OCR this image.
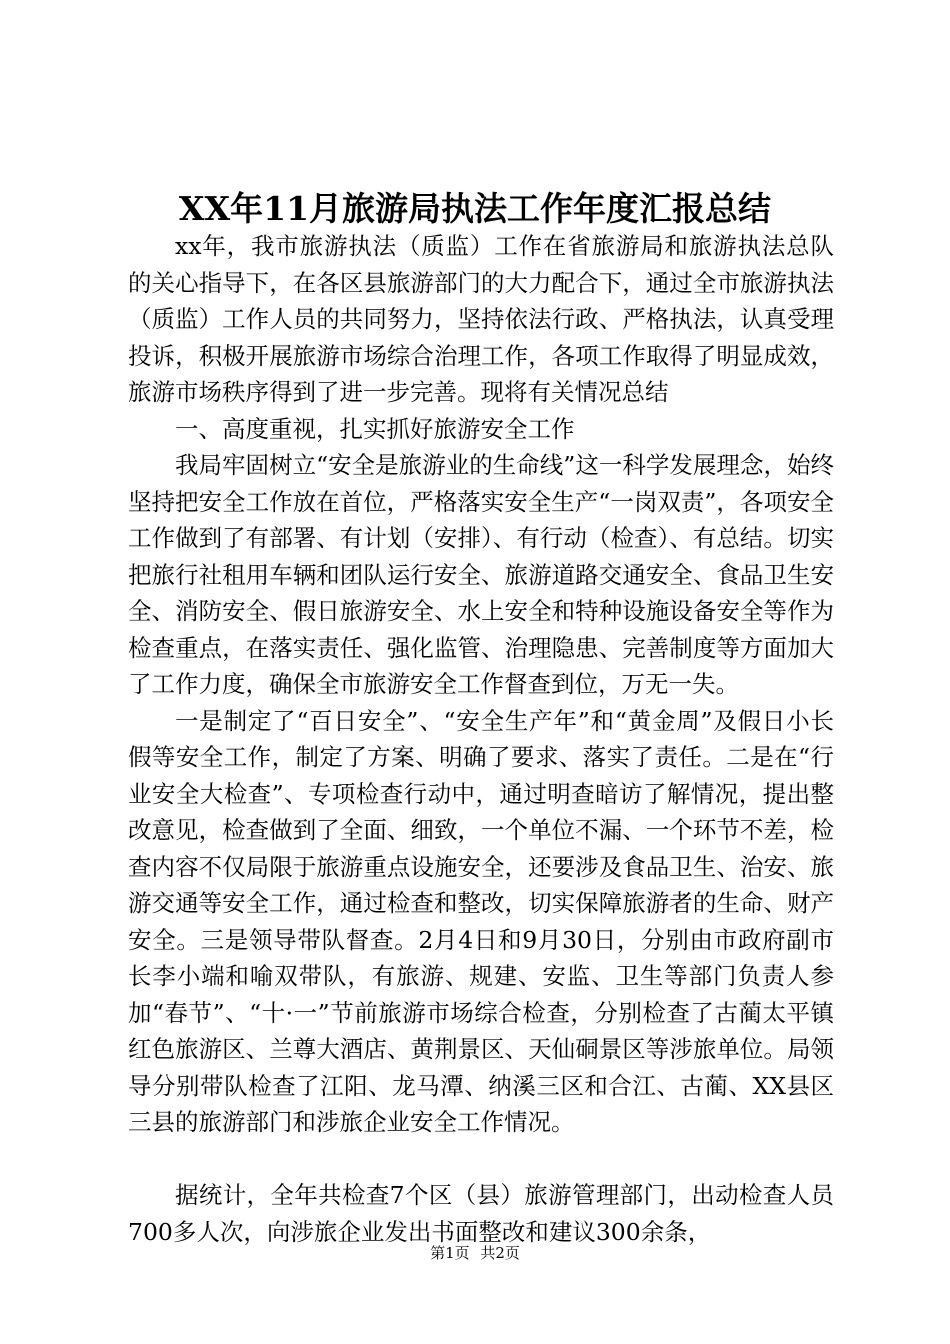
XX年11月旅游局执法工作年度汇报总结

xx年，我市旅游执法（质监）工作在省旅游局和旅游执法总队的关心指导下，在各区县旅游部门的大力配合下，通过全市旅游执法（质监）工作人员的共同努力，坚持依法行政、严格执法，认真受理投诉，积极开展旅游市场综合治理工作，各项工作取得了明显成效，旅游市场秩序得到了进一步完善。现将有关情况总结

一、高度重视，扎实抓好旅游安全工作

我局牢固树立“安全是旅游业的生命线”这一科学发展理念，始终坚持把安全工作放在首位，严格落实安全生产“一岗双责”，各项安全工作做到了有部署、有计划（安排）、有行动（检查）、有总结。切实把旅行社租用车辆和团队运行安全、旅游道路交通安全、食品卫生安全、消防安全、假日旅游安全、水上安全和特种设施设备安全等作为检查重点，在落实责任、强化监管、治理隐患、完善制度等方面加大了工作力度，确保全市旅游安全工作督查到位，万无一失。

一是制定了“百日安全”、“安全生产年”和“黄金周”及假日小长假等安全工作，制定了方案、明确了要求、落实了责任。二是在“行业安全大检查”、专项检查行动中，通过明查暗访了解情况，提出整改意见，检查做到了全面、细致，一个单位不漏、一个环节不差，检查内容不仅局限于旅游重点设施安全，还要涉及食品卫生、治安、旅游交通等安全工作，通过检查和整改，切实保障旅游者的生命、财产安全。三是领导带队督查。2月4日和9月30日，分别由市政府副市长李小端和喻双带队，有旅游、规建、安监、卫生等部门负责人参加“春节”、“十·一”节前旅游市场综合检查，分别检查了古蔺太平镇红色旅游区、兰尊大酒店、黄荆景区、天仙硐景区等涉旅单位。局领导分别带队检查了江阳、龙马潭、纳溪三区和合江、古蔺、XX县区三县的旅游部门和涉旅企业安全工作情况。

据统计，全年共检查7个区（县）旅游管理部门，出动检查人员700多人次，向涉旅企业发出书面整改和建议300余条，

第1页 共2页
